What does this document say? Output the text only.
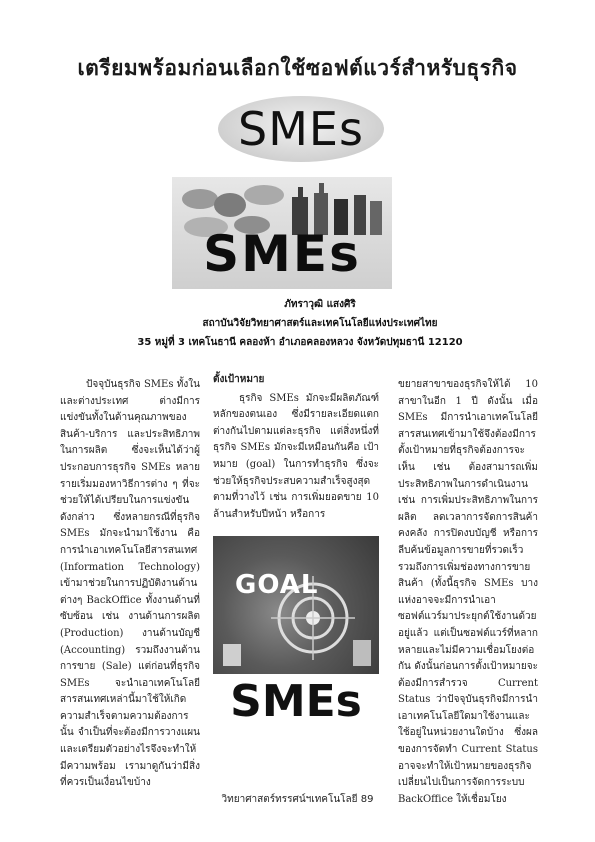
เตรียมพร้อมก่อนเลือกใช้ซอฟต์แวร์สำหรับธุรกิจ
SMEs
SMEs
ภัทราวุฒิ แสงศิริ
สถาบันวิจัยวิทยาศาสตร์และเทคโนโลยีแห่งประเทศไทย
35 หมู่ที่ 3 เทคโนธานี คลองห้า อำเภอคลองหลวง จังหวัดปทุมธานี 12120

ปัจจุบันธุรกิจ SMEs ทั้งในและต่างประเทศ ต่างมีการแข่งขันทั้งในด้านคุณภาพของสินค้า-บริการ และประสิทธิภาพในการผลิต ซึ่งจะเห็นได้ว่าผู้ประกอบการธุรกิจ SMEs หลายรายเริ่มมองหาวิธีการต่าง ๆ ที่จะช่วยให้ได้เปรียบในการแข่งขันดังกล่าว ซึ่งหลายกรณีที่ธุรกิจ SMEs มักจะนำมาใช้งาน คือ การนำเอาเทคโนโลยีสารสนเทศ (Information Technology) เข้ามาช่วยในการปฏิบัติงานด้านต่างๆ BackOffice ทั้งงานด้านที่ซับซ้อน เช่น งานด้านการผลิต (Production) งานด้านบัญชี (Accounting) รวมถึงงานด้านการขาย (Sale) แต่ก่อนที่ธุรกิจ SMEs จะนำเอาเทคโนโลยีสารสนเทศเหล่านี้มาใช้ให้เกิดความสำเร็จตามความต้องการนั้น จำเป็นที่จะต้องมีการวางแผนและเตรียมตัวอย่างไรจึงจะทำให้มีความพร้อม เรามาดูกันว่ามีสิ่งที่ควรเป็นเงื่อนไขบ้าง

ตั้งเป้าหมาย

ธุรกิจ SMEs มักจะมีผลิตภัณฑ์หลักของตนเอง ซึ่งมีรายละเอียดแตกต่างกันไปตามแต่ละธุรกิจ แต่สิ่งหนึ่งที่ธุรกิจ SMEs มักจะมีเหมือนกันคือ เป้าหมาย (goal) ในการทำธุรกิจ ซึ่งจะช่วยให้ธุรกิจประสบความสำเร็จสูงสุดตามที่วางไว้ เช่น การเพิ่มยอดขาย 10 ล้านสำหรับปีหน้า หรือการ

GOAL
SMEs

ขยายสาขาของธุรกิจให้ได้ 10 สาขาในอีก 1 ปี ดังนั้น เมื่อ SMEs มีการนำเอาเทคโนโลยีสารสนเทศเข้ามาใช้จึงต้องมีการตั้งเป้าหมายที่ธุรกิจต้องการจะเห็น เช่น ต้องสามารถเพิ่มประสิทธิภาพในการดำเนินงาน เช่น การเพิ่มประสิทธิภาพในการผลิต ลดเวลาการจัดการสินค้าคงคลัง การปิดงบบัญชี หรือการลีบค้นข้อมูลการขายที่รวดเร็ว รวมถึงการเพิ่มช่องทางการขายสินค้า (ทั้งนี้ธุรกิจ SMEs บางแห่งอาจจะมีการนำเอาซอฟต์แวร์มาประยุกต์ใช้งานด้วยอยู่แล้ว แต่เป็นซอฟต์แวร์ที่หลากหลายและไม่มีความเชื่อมโยงต่อกัน ดังนั้นก่อนการตั้งเป้าหมายจะต้องมีการสำรวจ Current Status ว่าปัจจุบันธุรกิจมีการนำเอาเทคโนโลยีใดมาใช้งานและใช้อยู่ในหน่วยงานใดบ้าง ซึ่งผลของการจัดทำ Current Status อาจจะทำให้เป้าหมายของธุรกิจเปลี่ยนไปเป็นการจัดการระบบ BackOffice ให้เชื่อมโยง

วิทยาศาสตร์ทรรศน์ฯเทคโนโลยี 89
